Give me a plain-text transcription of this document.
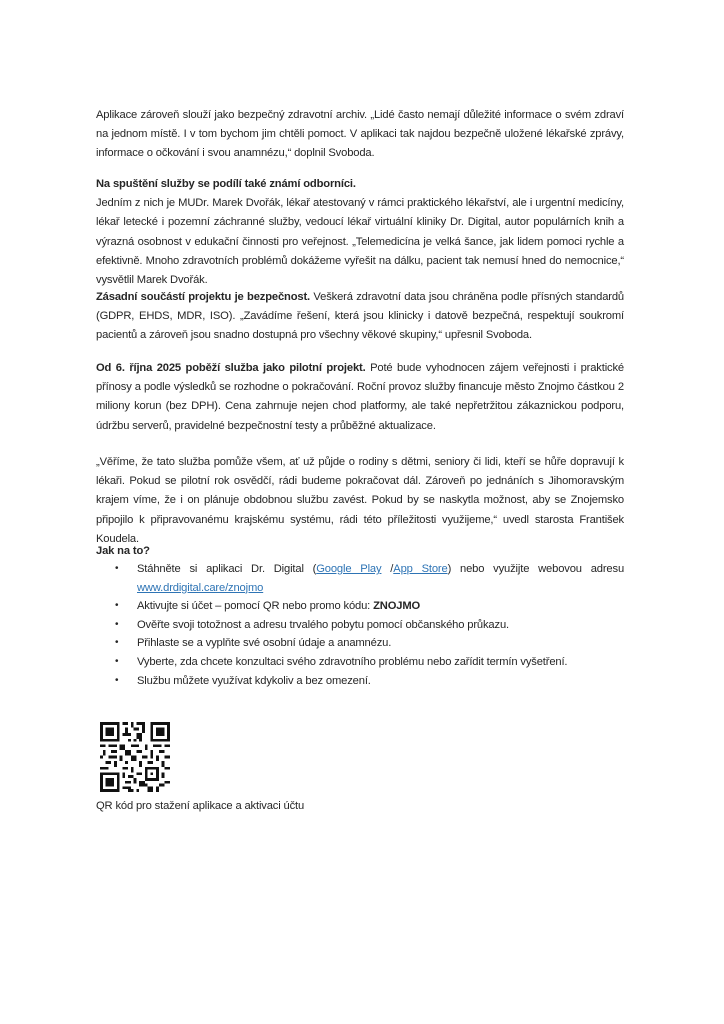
Aplikace zároveň slouží jako bezpečný zdravotní archiv. „Lidé často nemají důležité informace o svém zdraví na jednom místě. I v tom bychom jim chtěli pomoct. V aplikaci tak najdou bezpečně uložené lékařské zprávy, informace o očkování i svou anamnézu,“ doplnil Svoboda.

Na spuštění služby se podílí také známí odborníci.
Jedním z nich je MUDr. Marek Dvořák, lékař atestovaný v rámci praktického lékařství, ale i urgentní medicíny, lékař letecké i pozemní záchranné služby, vedoucí lékař virtuální kliniky Dr. Digital, autor populárních knih a výrazná osobnost v edukační činnosti pro veřejnost. „Telemedicína je velká šance, jak lidem pomoci rychle a efektivně. Mnoho zdravotních problémů dokážeme vyřešit na dálku, pacient tak nemusí hned do nemocnice,“ vysvětlil Marek Dvořák.

Zásadní součástí projektu je bezpečnost. Veškerá zdravotní data jsou chráněna podle přísných standardů (GDPR, EHDS, MDR, ISO). „Zavádíme řešení, která jsou klinicky i datově bezpečná, respektují soukromí pacientů a zároveň jsou snadno dostupná pro všechny věkové skupiny,“ upřesnil Svoboda.

Od 6. října 2025 poběží služba jako pilotní projekt. Poté bude vyhodnocen zájem veřejnosti i praktické přínosy a podle výsledků se rozhodne o pokračování. Roční provoz služby financuje město Znojmo částkou 2 miliony korun (bez DPH). Cena zahrnuje nejen chod platformy, ale také nepřetržitou zákaznickou podporu, údržbu serverů, pravidelné bezpečnostní testy a průběžné aktualizace.

„Věříme, že tato služba pomůže všem, ať už půjde o rodiny s dětmi, seniory či lidi, kteří se hůře dopravují k lékaři. Pokud se pilotní rok osvědčí, rádi budeme pokračovat dál. Zároveň po jednáních s Jihomoravským krajem víme, že i on plánuje obdobnou službu zavést. Pokud by se naskytla možnost, aby se Znojemsko připojilo k připravovanému krajskému systému, rádi této příležitosti využijeme,“ uvedl starosta František Koudela.

Jak na to?
• Stáhněte si aplikaci Dr. Digital (Google Play /App Store) nebo využijte webovou adresu www.drdigital.care/znojmo
• Aktivujte si účet – pomocí QR nebo promo kódu: ZNOJMO
• Ověřte svoji totožnost a adresu trvalého pobytu pomocí občanského průkazu.
• Přihlaste se a vyplňte své osobní údaje a anamnézu.
• Vyberte, zda chcete konzultaci svého zdravotního problému nebo zařídit termín vyšetření.
• Službu můžete využívat kdykoliv a bez omezení.
QR kód pro stažení aplikace a aktivaci účtu
